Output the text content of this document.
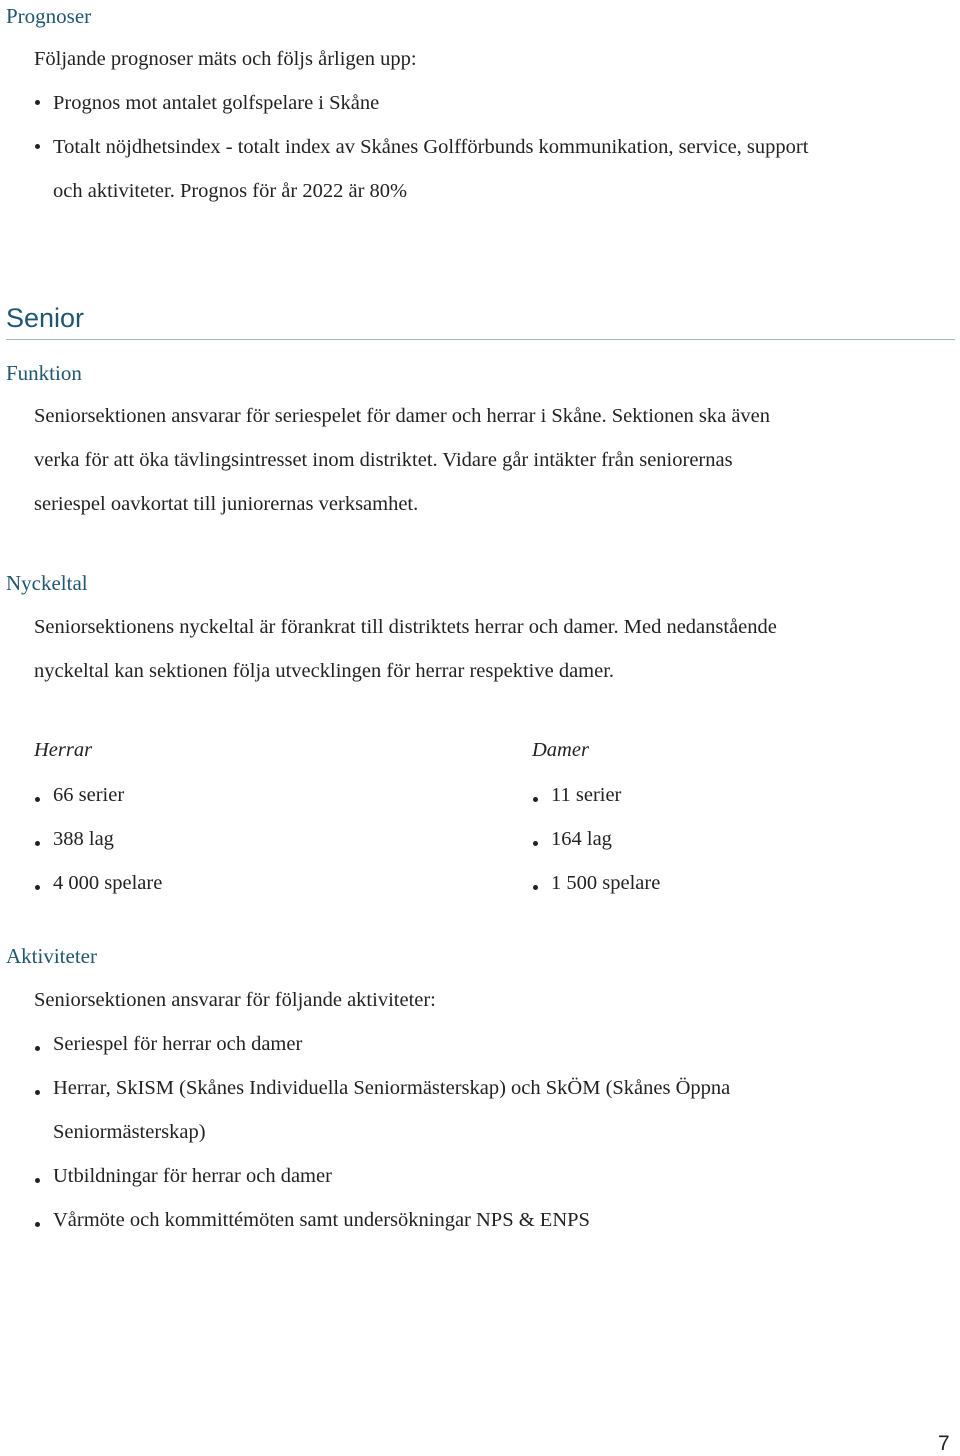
Prognoser
Följande prognoser mäts och följs årligen upp:
Prognos mot antalet golfspelare i Skåne
Totalt nöjdhetsindex - totalt index av Skånes Golfförbunds kommunikation, service, support
och aktiviteter. Prognos för år 2022 är 80%
Senior
Funktion
Seniorsektionen ansvarar för seriespelet för damer och herrar i Skåne. Sektionen ska även
verka för att öka tävlingsintresset inom distriktet. Vidare går intäkter från seniorernas
seriespel oavkortat till juniorernas verksamhet.
Nyckeltal
Seniorsektionens nyckeltal är förankrat till distriktets herrar och damer. Med nedanstående
nyckeltal kan sektionen följa utvecklingen för herrar respektive damer.
Herrar
66 serier
388 lag
4 000 spelare
Damer
11 serier
164 lag
1 500 spelare
Aktiviteter
Seniorsektionen ansvarar för följande aktiviteter:
Seriespel för herrar och damer
Herrar, SkISM (Skånes Individuella Seniormästerskap) och SkÖM (Skånes Öppna
Seniormästerskap)
Utbildningar för herrar och damer
Vårmöte och kommittémöten samt undersökningar NPS & ENPS
7
